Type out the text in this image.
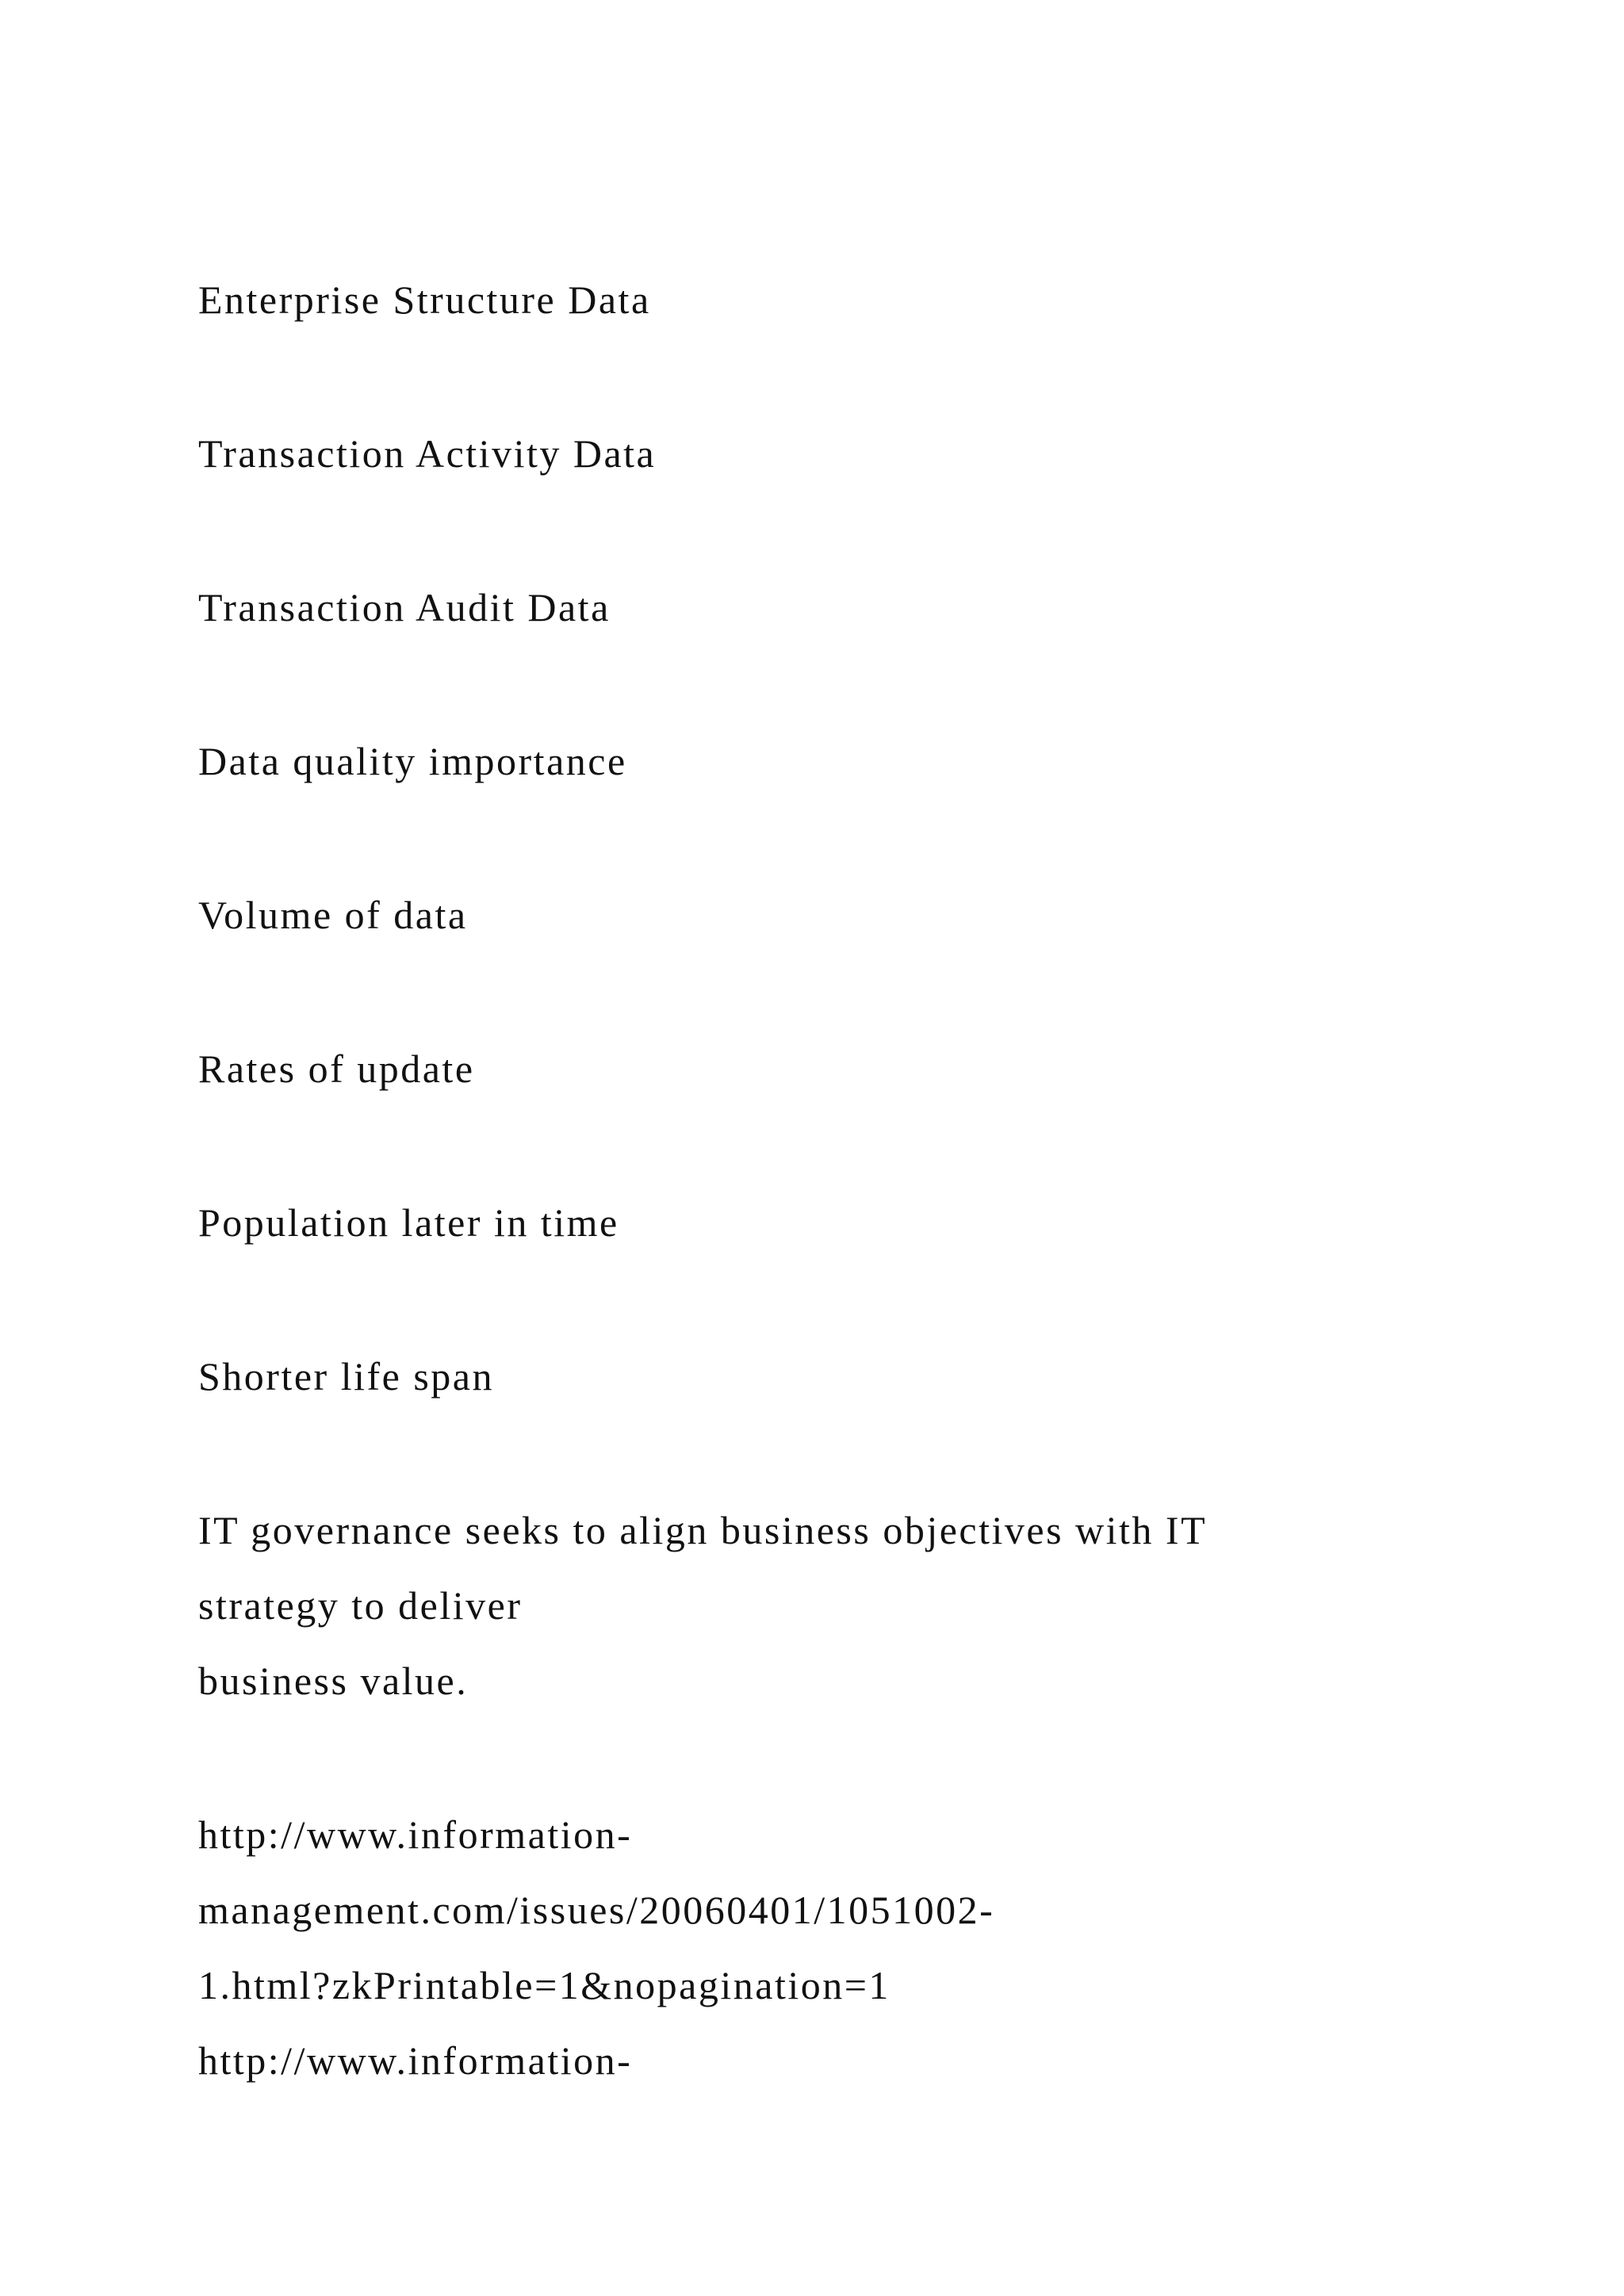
Enterprise Structure Data

Transaction Activity Data

Transaction Audit Data

Data quality importance

Volume of data

Rates of update

Population later in time

Shorter life span

IT governance seeks to align business objectives with IT

strategy to deliver

business value.

http://www.information-

management.com/issues/20060401/1051002-

1.html?zkPrintable=1&nopagination=1

http://www.information-
